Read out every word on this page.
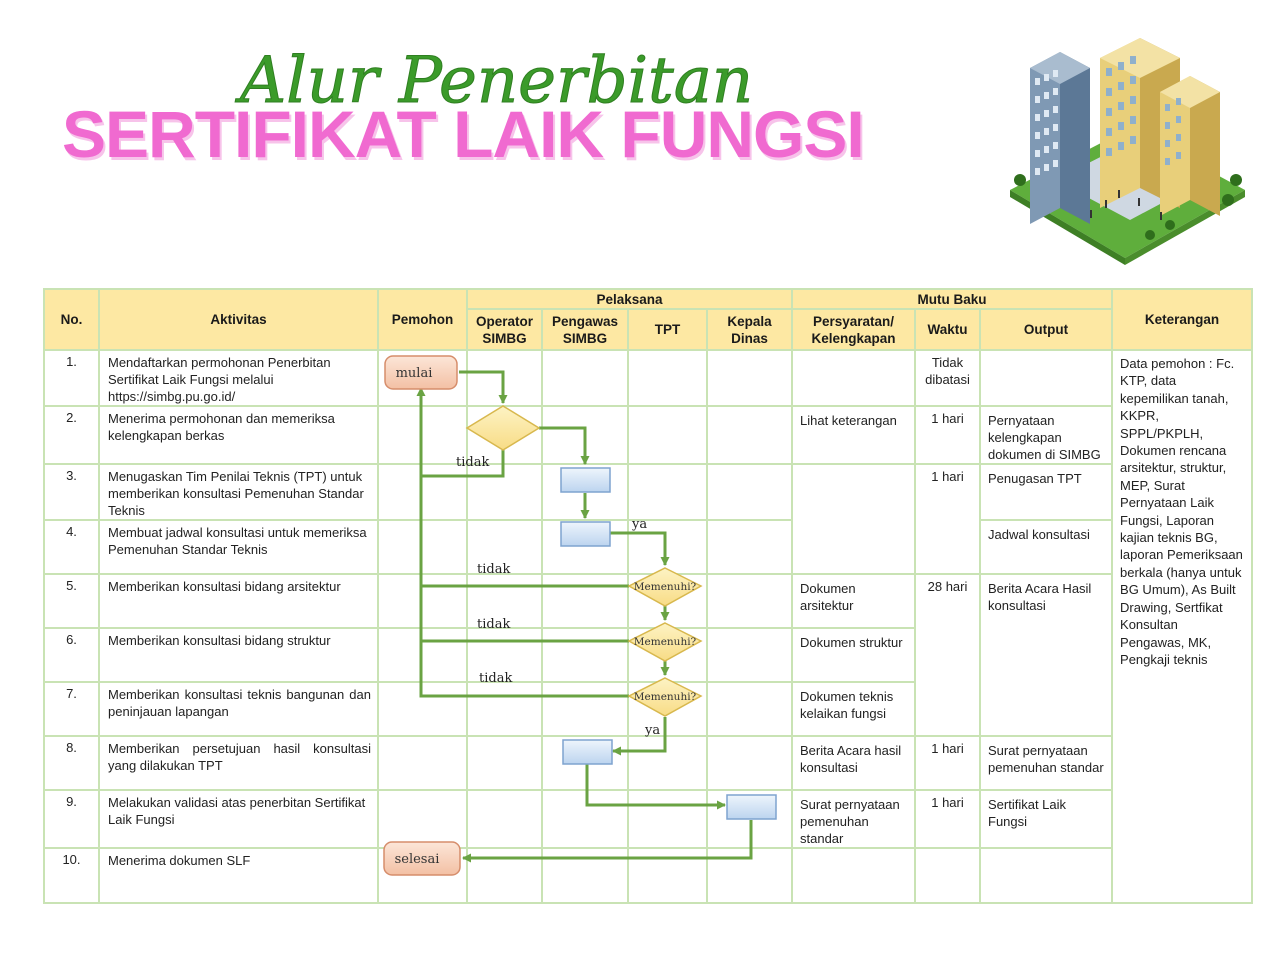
SERTIFIKAT LAIK FUNGSI
Alur Penerbitan
No.	Aktivitas	Pemohon	Pelaksana				Mutu Baku			Keterangan
			Operator SIMBG	Pengawas SIMBG	TPT	Kepala Dinas	Persyaratan/ Kelengkapan	Waktu	Output	
1.	Mendaftarkan permohonan Penerbitan Sertifikat Laik Fungsi melalui https://simbg.pu.go.id/							Tidak dibatasi		Data pemohon : Fc. KTP, data kepemilikan tanah, KKPR, SPPL/PKPLH, Dokumen rencana arsitektur, struktur, MEP, Surat Pernyataan Laik Fungsi, Laporan kajian teknis BG, laporan Pemeriksaan berkala (hanya untuk BG Umum), As Built Drawing, Sertfikat Konsultan Pengawas, MK, Pengkaji teknis
2.	Menerima permohonan dan memeriksa kelengkapan berkas						Lihat keterangan	1 hari	Pernyataan kelengkapan dokumen di SIMBG	
3.	Menugaskan Tim Penilai Teknis (TPT) untuk memberikan konsultasi Pemenuhan Standar Teknis							1 hari	Penugasan TPT	
4.	Membuat jadwal konsultasi untuk memeriksa Pemenuhan Standar Teknis								Jadwal konsultasi	
5.	Memberikan konsultasi bidang arsitektur						Dokumen arsitektur	28 hari	Berita Acara Hasil konsultasi	
6.	Memberikan konsultasi bidang struktur						Dokumen struktur			
7.	Memberikan konsultasi teknis bangunan dan peninjauan lapangan						Dokumen teknis kelaikan fungsi			
8.	Memberikan persetujuan hasil konsultasi yang dilakukan TPT						Berita Acara hasil konsultasi	1 hari	Surat pernyataan pemenuhan standar	
9.	Melakukan validasi atas penerbitan Sertifikat Laik Fungsi						Surat pernyataan pemenuhan standar	1 hari	Sertifikat Laik Fungsi	
10.	Menerima dokumen SLF									
mulai
Memenuhi?
Memenuhi?
Memenuhi?
selesai
tidak
tidak
tidak
tidak
ya
ya
